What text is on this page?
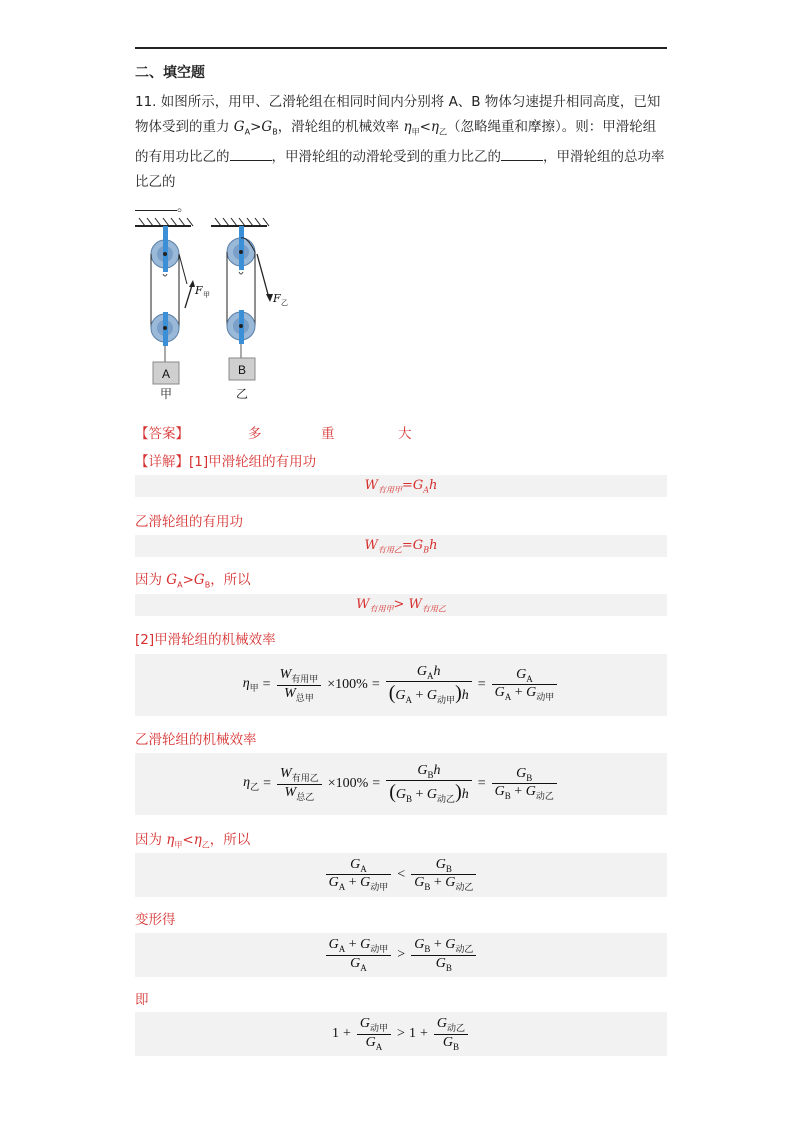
二、填空题
11. 如图所示，用甲、乙滑轮组在相同时间内分别将 A、B 物体匀速提升相同高度，已知物体受到的重力 $G_A>G_B$，滑轮组的机械效率 $\eta_甲<\eta_乙$（忽略绳重和摩擦）。则：甲滑轮组的有用功比乙的	，甲滑轮组的动滑轮受到的重力比乙的	，甲滑轮组的总功率比乙的
。
A
甲
F 甲
B
乙
F 乙
【答案】	多	重	大
【详解】[1]甲滑轮组的有用功
$W_{有用甲}=G_Ah$
乙滑轮组的有用功
$W_{有用乙}=G_Bh$
因为 $G_A>G_B$，所以
$W_{有用甲}> W_{有用乙}$
[2]甲滑轮组的机械效率
$\eta_甲 = \frac{W_{有用甲}}{W_{总甲}} \times 100\% = \frac{G_Ah}{(G_A + G_{动甲})h} = \frac{G_A}{G_A + G_{动甲}}$
乙滑轮组的机械效率
$\eta_乙 = \frac{W_{有用乙}}{W_{总乙}} \times 100\% = \frac{G_Bh}{(G_B + G_{动乙})h} = \frac{G_B}{G_B + G_{动乙}}$
因为 $\eta_甲<\eta_乙$，所以
$\frac{G_A}{G_A + G_{动甲}} < \frac{G_B}{G_B + G_{动乙}}$
变形得
$\frac{G_A + G_{动甲}}{G_A} > \frac{G_B + G_{动乙}}{G_B}$
即
$1 + \frac{G_{动甲}}{G_A} > 1 + \frac{G_{动乙}}{G_B}$
